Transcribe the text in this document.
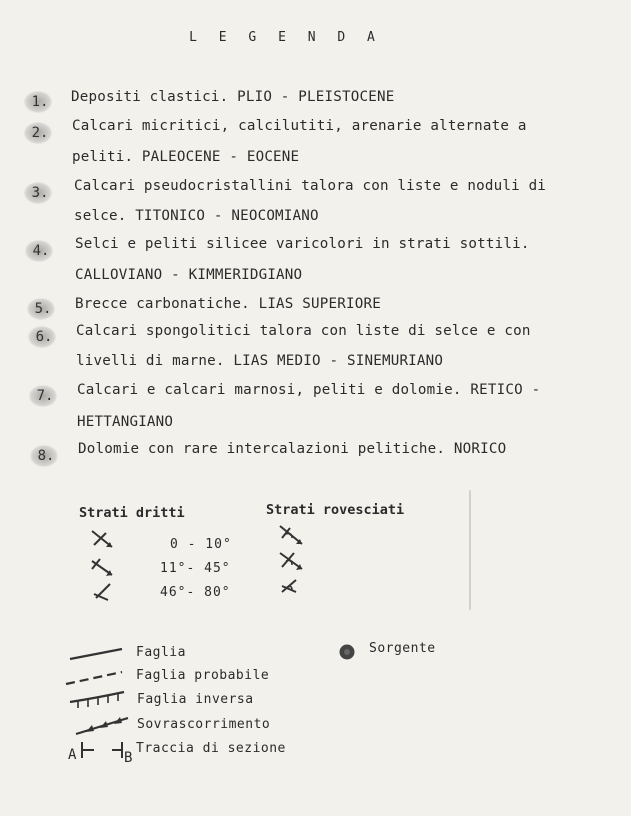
L E G E N D A
1.	Depositi clastici. PLIO - PLEISTOCENE
2.	Calcari micritici, calcilutiti, arenarie alternate a
peliti. PALEOCENE - EOCENE
3.	Calcari pseudocristallini talora con liste e noduli di
selce. TITONICO - NEOCOMIANO
4.	Selci e peliti silicee varicolori in strati sottili.
CALLOVIANO - KIMMERIDGIANO
5.	Brecce carbonatiche. LIAS SUPERIORE
6.	Calcari spongolitici talora con liste di selce e con
livelli di marne. LIAS MEDIO - SINEMURIANO
7.	Calcari e calcari marnosi, peliti e dolomie. RETICO -
HETTANGIANO
8.	Dolomie con rare intercalazioni pelitiche. NORICO
Strati dritti	Strati rovesciati
0 - 10°
11°- 45°
46°- 80°
Faglia
Faglia probabile
Faglia inversa
Sovrascorrimento
A	B
Traccia di sezione
Sorgente
